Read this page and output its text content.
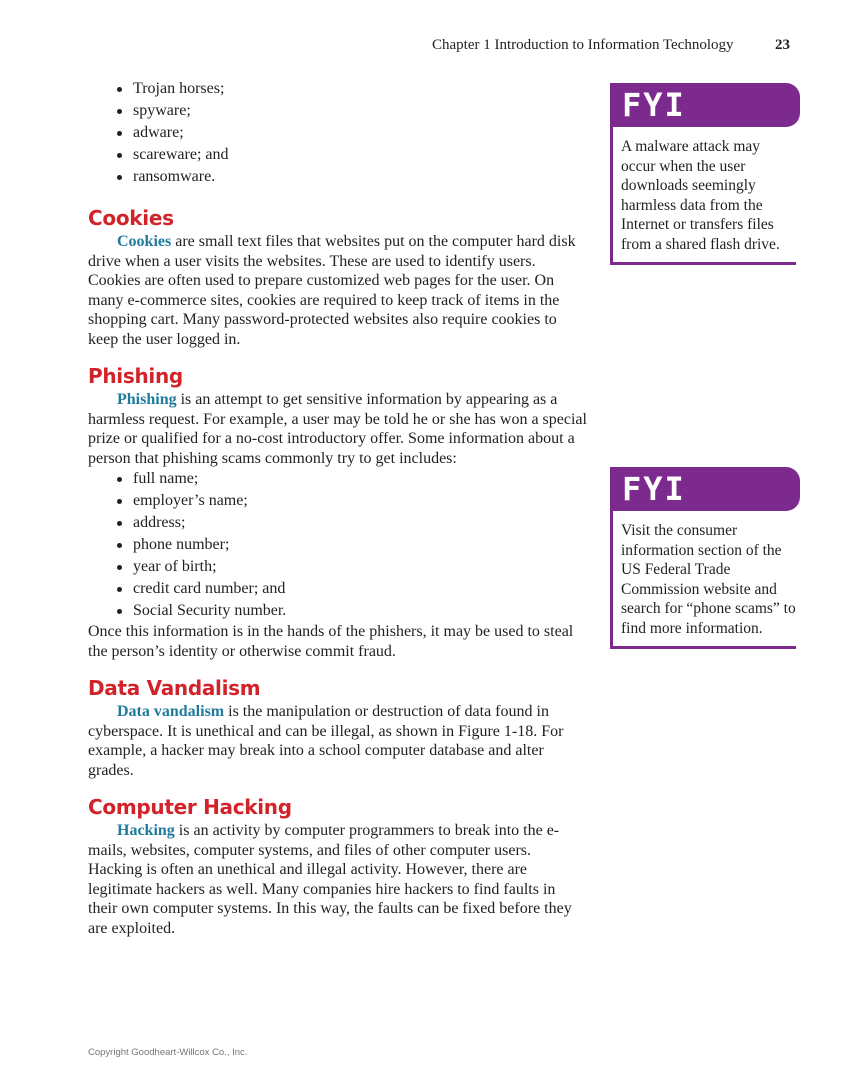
Chapter 1 Introduction to Information Technology	23
Trojan horses;
spyware;
adware;
scareware; and
ransomware.
Cookies

Cookies are small text files that websites put on the computer hard disk drive when a user visits the websites. These are used to identify users. Cookies are often used to prepare customized web pages for the user. On many e-commerce sites, cookies are required to keep track of items in the shopping cart. Many password-protected websites also require cookies to keep the user logged in.

Phishing

Phishing is an attempt to get sensitive information by appearing as a harmless request. For example, a user may be told he or she has won a special prize or qualified for a no-cost introductory offer. Some information about a person that phishing scams commonly try to get includes:

full name;
employer’s name;
address;
phone number;
year of birth;
credit card number; and
Social Security number.

Once this information is in the hands of the phishers, it may be used to steal the person’s identity or otherwise commit fraud.

Data Vandalism

Data vandalism is the manipulation or destruction of data found in cyberspace. It is unethical and can be illegal, as shown in Figure 1-18. For example, a hacker may break into a school computer database and alter grades.

Computer Hacking

Hacking is an activity by computer programmers to break into the e-mails, websites, computer systems, and files of other computer users. Hacking is often an unethical and illegal activity. However, there are legitimate hackers as well. Many companies hire hackers to find faults in their own computer systems. In this way, the faults can be fixed before they are exploited.

FYI
A malware attack may occur when the user downloads seemingly harmless data from the Internet or transfers files from a shared flash drive.
FYI
Visit the consumer information section of the US Federal Trade Commission website and search for “phone scams” to find more information.
Copyright Goodheart-Willcox Co., Inc.
